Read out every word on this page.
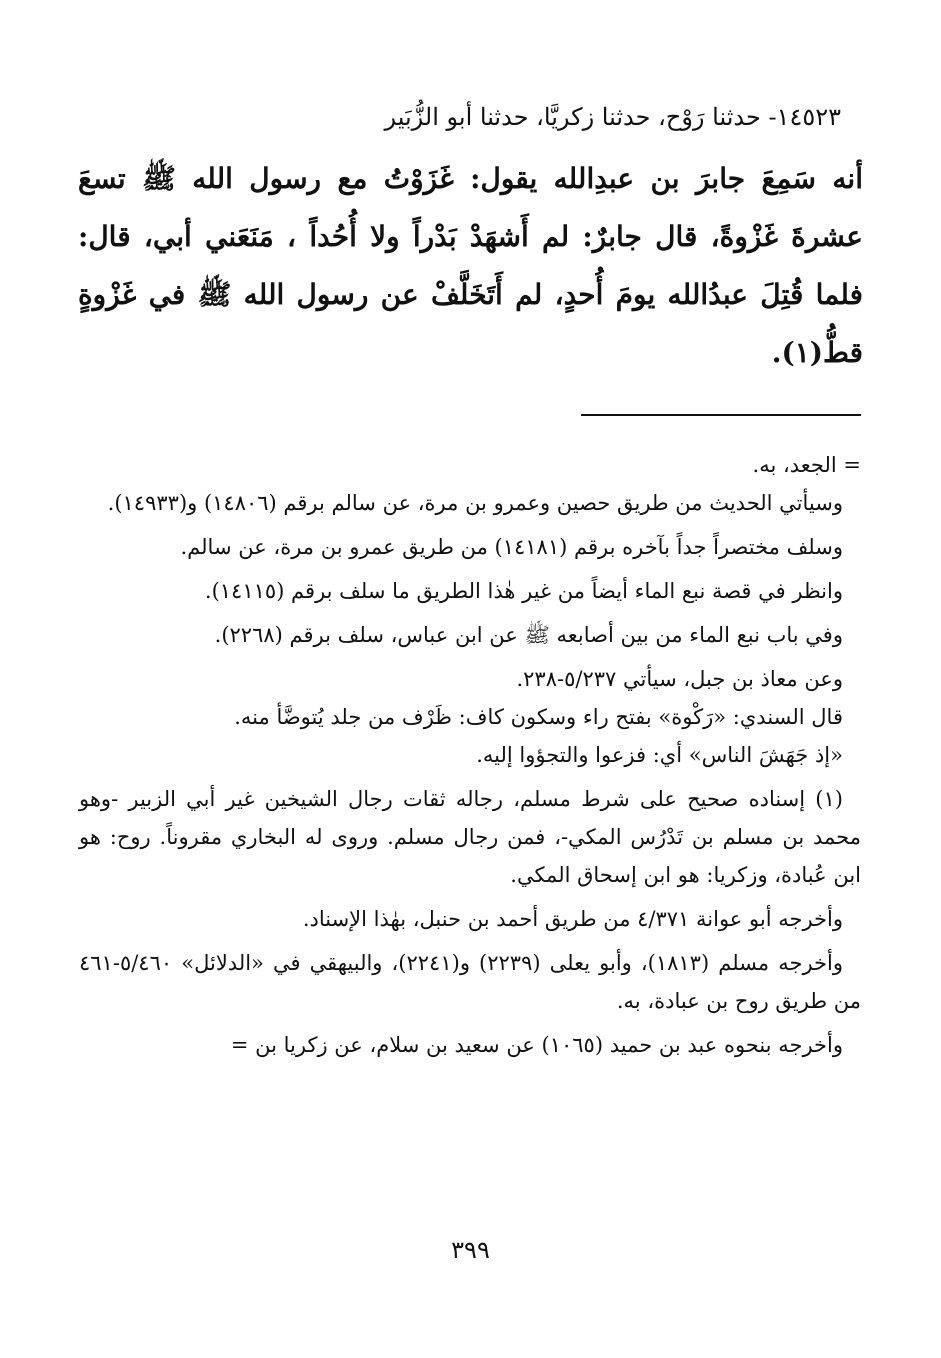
١٤٥٢٣- حدثنا رَوْح، حدثنا زكريَّا، حدثنا أبو الزُّبَير

أنه سَمِعَ جابرَ بن عبدِالله يقول: غَزَوْتُ مع رسول الله ﷺ تسعَ عشرةَ غَزْوةً، قال جابرٌ: لم أَشهَدْ بَدْراً ولا أُحُداً ، مَنَعَني أبي، قال: فلما قُتِلَ عبدُالله يومَ أُحدٍ، لم أَتَخَلَّفْ عن رسول الله ﷺ في غَزْوةٍ قطُّ(١).

= الجعد، به.

وسيأتي الحديث من طريق حصين وعمرو بن مرة، عن سالم برقم (١٤٨٠٦) و(١٤٩٣٣).

وسلف مختصراً جداً بآخره برقم (١٤١٨١) من طريق عمرو بن مرة، عن سالم.

وانظر في قصة نبع الماء أيضاً من غير هٰذا الطريق ما سلف برقم (١٤١١٥).

وفي باب نبع الماء من بين أصابعه ﷺ عن ابن عباس، سلف برقم (٢٢٦٨).

وعن معاذ بن جبل، سيأتي ٥/٢٣٧-٢٣٨.

قال السندي: «رَكْوة» بفتح راء وسكون كاف: ظَرْف من جلد يُتوضَّأ منه.

«إذ جَهَشَ الناس» أي: فزعوا والتجؤوا إليه.

(١) إسناده صحيح على شرط مسلم، رجاله ثقات رجال الشيخين غير أبي الزبير -وهو محمد بن مسلم بن تَدْرُس المكي-، فمن رجال مسلم. وروى له البخاري مقروناً. روح: هو ابن عُبادة، وزكريا: هو ابن إسحاق المكي.

وأخرجه أبو عوانة ٤/٣٧١ من طريق أحمد بن حنبل، بهٰذا الإسناد.

وأخرجه مسلم (١٨١٣)، وأبو يعلى (٢٢٣٩) و(٢٢٤١)، والبيهقي في «الدلائل» ٥/٤٦٠-٤٦١ من طريق روح بن عبادة، به.

وأخرجه بنحوه عبد بن حميد (١٠٦٥) عن سعيد بن سلام، عن زكريا بن =

٣٩٩
